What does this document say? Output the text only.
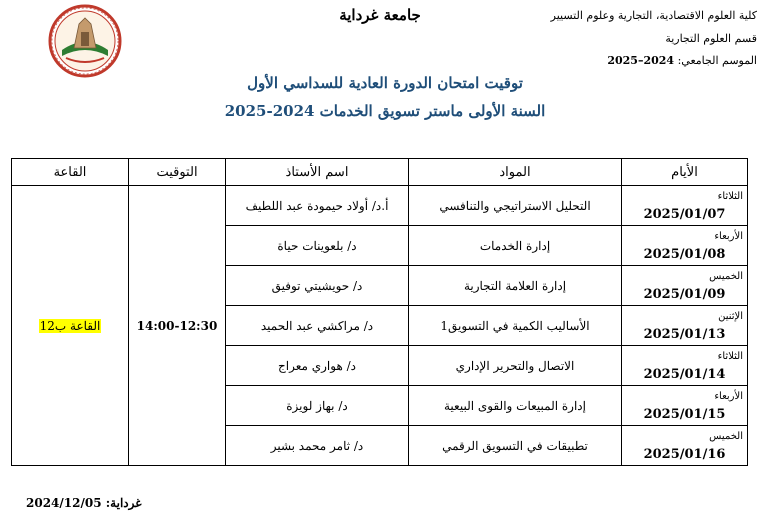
جامعة غرداية	كلية العلوم الاقتصادية، التجارية وعلوم التسيير
قسم العلوم التجارية
الموسم الجامعي: 2024–2025
توقيت امتحان الدورة العادية للسداسي الأول
السنة الأولى ماستر تسويق الخدمات 2024-2025
الأيام	المواد	اسم الأستاذ	التوقيت	القاعة

الثلاثاء
2025/01/07	التحليل الاستراتيجي والتنافسي	أ.د/ أولاد حيمودة عبد اللطيف	14:00-12:30	القاعة ب12

الأربعاء
2025/01/08	إدارة الخدمات	د/ بلعوينات حياة		

الخميس
2025/01/09	إدارة العلامة التجارية	د/ حويشيتي توفيق		

الإثنين
2025/01/13	الأساليب الكمية في التسويق1	د/ مراكشي عبد الحميد		

الثلاثاء
2025/01/14	الاتصال والتحرير الإداري	د/ هواري معراج		

الأربعاء
2025/01/15	إدارة المبيعات والقوى البيعية	د/ بهاز لويزة		

الخميس
2025/01/16	تطبيقات في التسويق الرقمي	د/ ثامر محمد بشير		
غرداية: 2024/12/05
